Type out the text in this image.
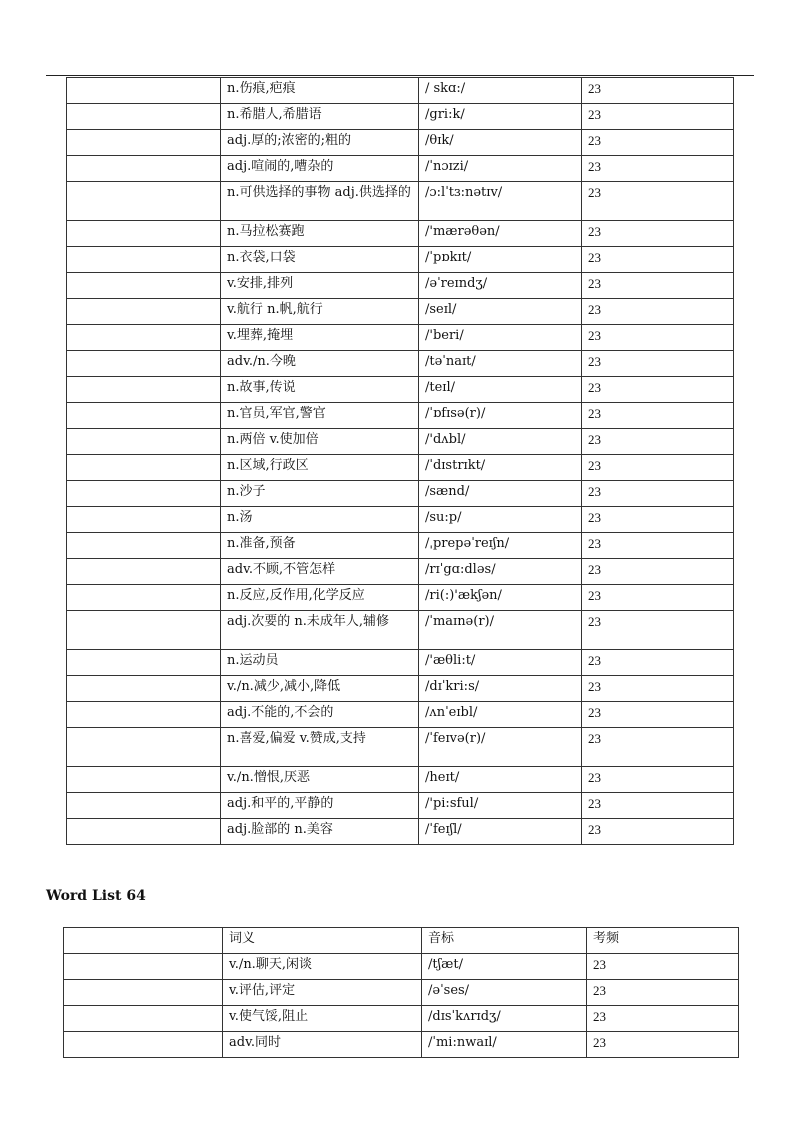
	n.伤痕,疤痕	/ skɑ:/	23
	n.希腊人,希腊语	/gri:k/	23
	adj.厚的;浓密的;粗的	/θɪk/	23
	adj.喧闹的,嘈杂的	/ˈnɔɪzi/	23
	n.可供选择的事物 adj.供选择的	/ɔ:lˈtɜ:nətɪv/	23
	n.马拉松赛跑	/'mærəθən/	23
	n.衣袋,口袋	/ˈpɒkɪt/	23
	v.安排,排列	/əˈreɪndʒ/	23
	v.航行 n.帆,航行	/seɪl/	23
	v.埋葬,掩埋	/'beri/	23
	adv./n.今晚	/təˈnaɪt/	23
	n.故事,传说	/teɪl/	23
	n.官员,军官,警官	/ˈɒfɪsə(r)/	23
	n.两倍 v.使加倍	/'dʌbl/	23
	n.区域,行政区	/ˈdɪstrɪkt/	23
	n.沙子	/sænd/	23
	n.汤	/su:p/	23
	n.准备,预备	/ˌprepəˈreɪʃn/	23
	adv.不顾,不管怎样	/rɪˈgɑ:dləs/	23
	n.反应,反作用,化学反应	/ri(:)'ækʃən/	23
	adj.次要的 n.未成年人,辅修	/ˈmaɪnə(r)/	23
	n.运动员	/'æθli:t/	23
	v./n.减少,减小,降低	/dɪˈkri:s/	23
	adj.不能的,不会的	/ʌnˈeɪbl/	23
	n.喜爱,偏爱 v.赞成,支持	/ˈfeɪvə(r)/	23
	v./n.憎恨,厌恶	/heɪt/	23
	adj.和平的,平静的	/'pi:sful/	23
	adj.脸部的 n.美容	/ˈfeɪʃl/	23
Word List 64
	词义	音标	考频
	v./n.聊天,闲谈	/tʃæt/	23
	v.评估,评定	/əˈses/	23
	v.使气馁,阻止	/dɪsˈkʌrɪdʒ/	23
	adv.同时	/ˈmi:nwaɪl/	23
